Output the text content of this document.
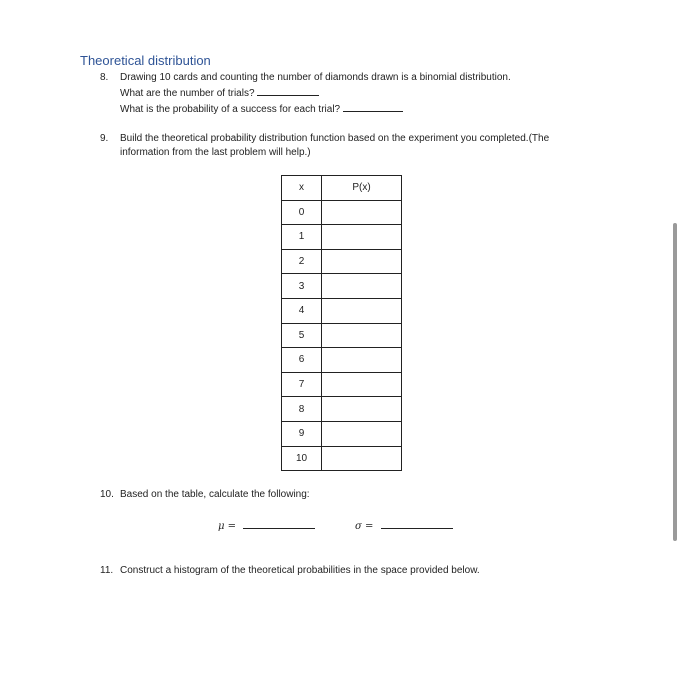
Theoretical distribution
8. Drawing 10 cards and counting the number of diamonds drawn is a binomial distribution.
What are the number of trials?
What is the probability of a success for each trial?
9. Build the theoretical probability distribution function based on the experiment you completed.(The information from the last problem will help.)
x	P(x)
0	
1	
2	
3	
4	
5	
6	
7	
8	
9	
10	
10. Based on the table, calculate the following:
μ =	σ =
11. Construct a histogram of the theoretical probabilities in the space provided below.
